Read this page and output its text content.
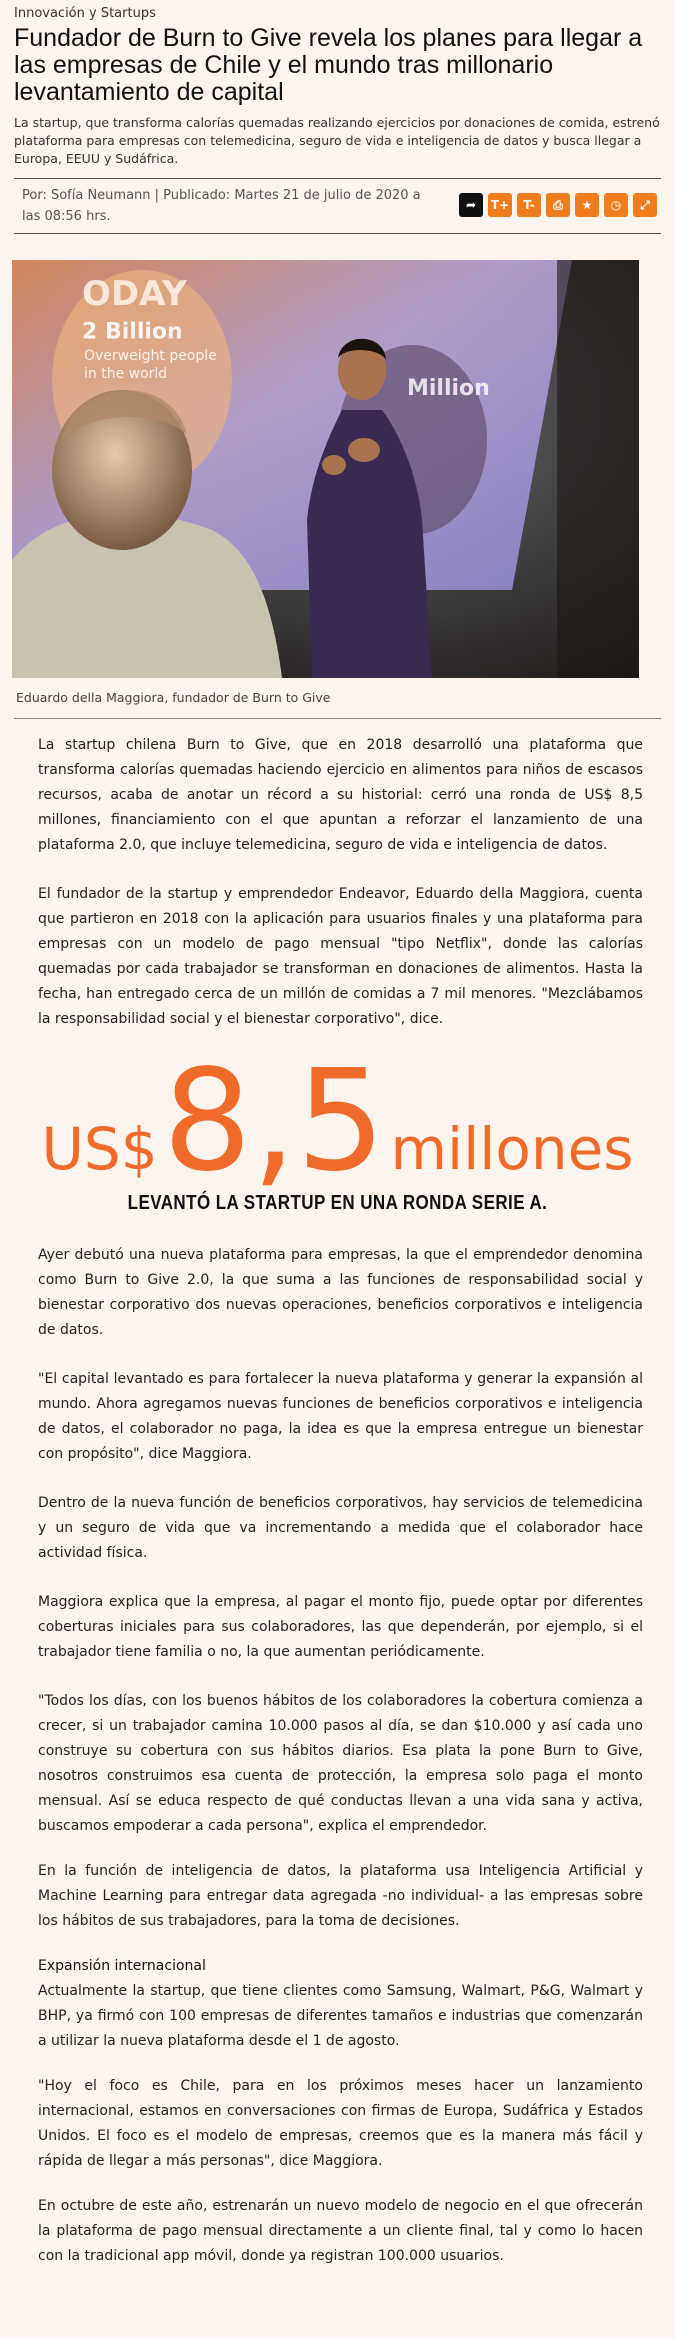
Innovación y Startups
Fundador de Burn to Give revela los planes para llegar a las empresas de Chile y el mundo tras millonario levantamiento de capital

La startup, que transforma calorías quemadas realizando ejercicios por donaciones de comida, estrenó plataforma para empresas con telemedicina, seguro de vida e inteligencia de datos y busca llegar a Europa, EEUU y Sudáfrica.

Por: Sofía Neumann | Publicado: Martes 21 de julio de 2020 a las 08:56 hrs.
➦	T+	T-	⎙	★	◷	⤢
ODAY
2 Billion
Overweight people
in the world
Million
Eduardo della Maggiora, fundador de Burn to Give

La startup chilena Burn to Give, que en 2018 desarrolló una plataforma que transforma calorías quemadas haciendo ejercicio en alimentos para niños de escasos recursos, acaba de anotar un récord a su historial: cerró una ronda de US$ 8,5 millones, financiamiento con el que apuntan a reforzar el lanzamiento de una plataforma 2.0, que incluye telemedicina, seguro de vida e inteligencia de datos.

El fundador de la startup y emprendedor Endeavor, Eduardo della Maggiora, cuenta que partieron en 2018 con la aplicación para usuarios finales y una plataforma para empresas con un modelo de pago mensual "tipo Netflix", donde las calorías quemadas por cada trabajador se transforman en donaciones de alimentos. Hasta la fecha, han entregado cerca de un millón de comidas a 7 mil menores. "Mezclábamos la responsabilidad social y el bienestar corporativo", dice.

US$ 8,5 millones
LEVANTÓ LA STARTUP EN UNA RONDA SERIE A.

Ayer debutó una nueva plataforma para empresas, la que el emprendedor denomina como Burn to Give 2.0, la que suma a las funciones de responsabilidad social y bienestar corporativo dos nuevas operaciones, beneficios corporativos e inteligencia de datos.

"El capital levantado es para fortalecer la nueva plataforma y generar la expansión al mundo. Ahora agregamos nuevas funciones de beneficios corporativos e inteligencia de datos, el colaborador no paga, la idea es que la empresa entregue un bienestar con propósito", dice Maggiora.

Dentro de la nueva función de beneficios corporativos, hay servicios de telemedicina y un seguro de vida que va incrementando a medida que el colaborador hace actividad física.

Maggiora explica que la empresa, al pagar el monto fijo, puede optar por diferentes coberturas iniciales para sus colaboradores, las que dependerán, por ejemplo, si el trabajador tiene familia o no, la que aumentan periódicamente.

"Todos los días, con los buenos hábitos de los colaboradores la cobertura comienza a crecer, si un trabajador camina 10.000 pasos al día, se dan $10.000 y así cada uno construye su cobertura con sus hábitos diarios. Esa plata la pone Burn to Give, nosotros construimos esa cuenta de protección, la empresa solo paga el monto mensual. Así se educa respecto de qué conductas llevan a una vida sana y activa, buscamos empoderar a cada persona", explica el emprendedor.

En la función de inteligencia de datos, la plataforma usa Inteligencia Artificial y Machine Learning para entregar data agregada -no individual- a las empresas sobre los hábitos de sus trabajadores, para la toma de decisiones.

Expansión internacional

Actualmente la startup, que tiene clientes como Samsung, Walmart, P&G, Walmart y BHP, ya firmó con 100 empresas de diferentes tamaños e industrias que comenzarán a utilizar la nueva plataforma desde el 1 de agosto.

"Hoy el foco es Chile, para en los próximos meses hacer un lanzamiento internacional, estamos en conversaciones con firmas de Europa, Sudáfrica y Estados Unidos. El foco es el modelo de empresas, creemos que es la manera más fácil y rápida de llegar a más personas", dice Maggiora.

En octubre de este año, estrenarán un nuevo modelo de negocio en el que ofrecerán la plataforma de pago mensual directamente a un cliente final, tal y como lo hacen con la tradicional app móvil, donde ya registran 100.000 usuarios.
